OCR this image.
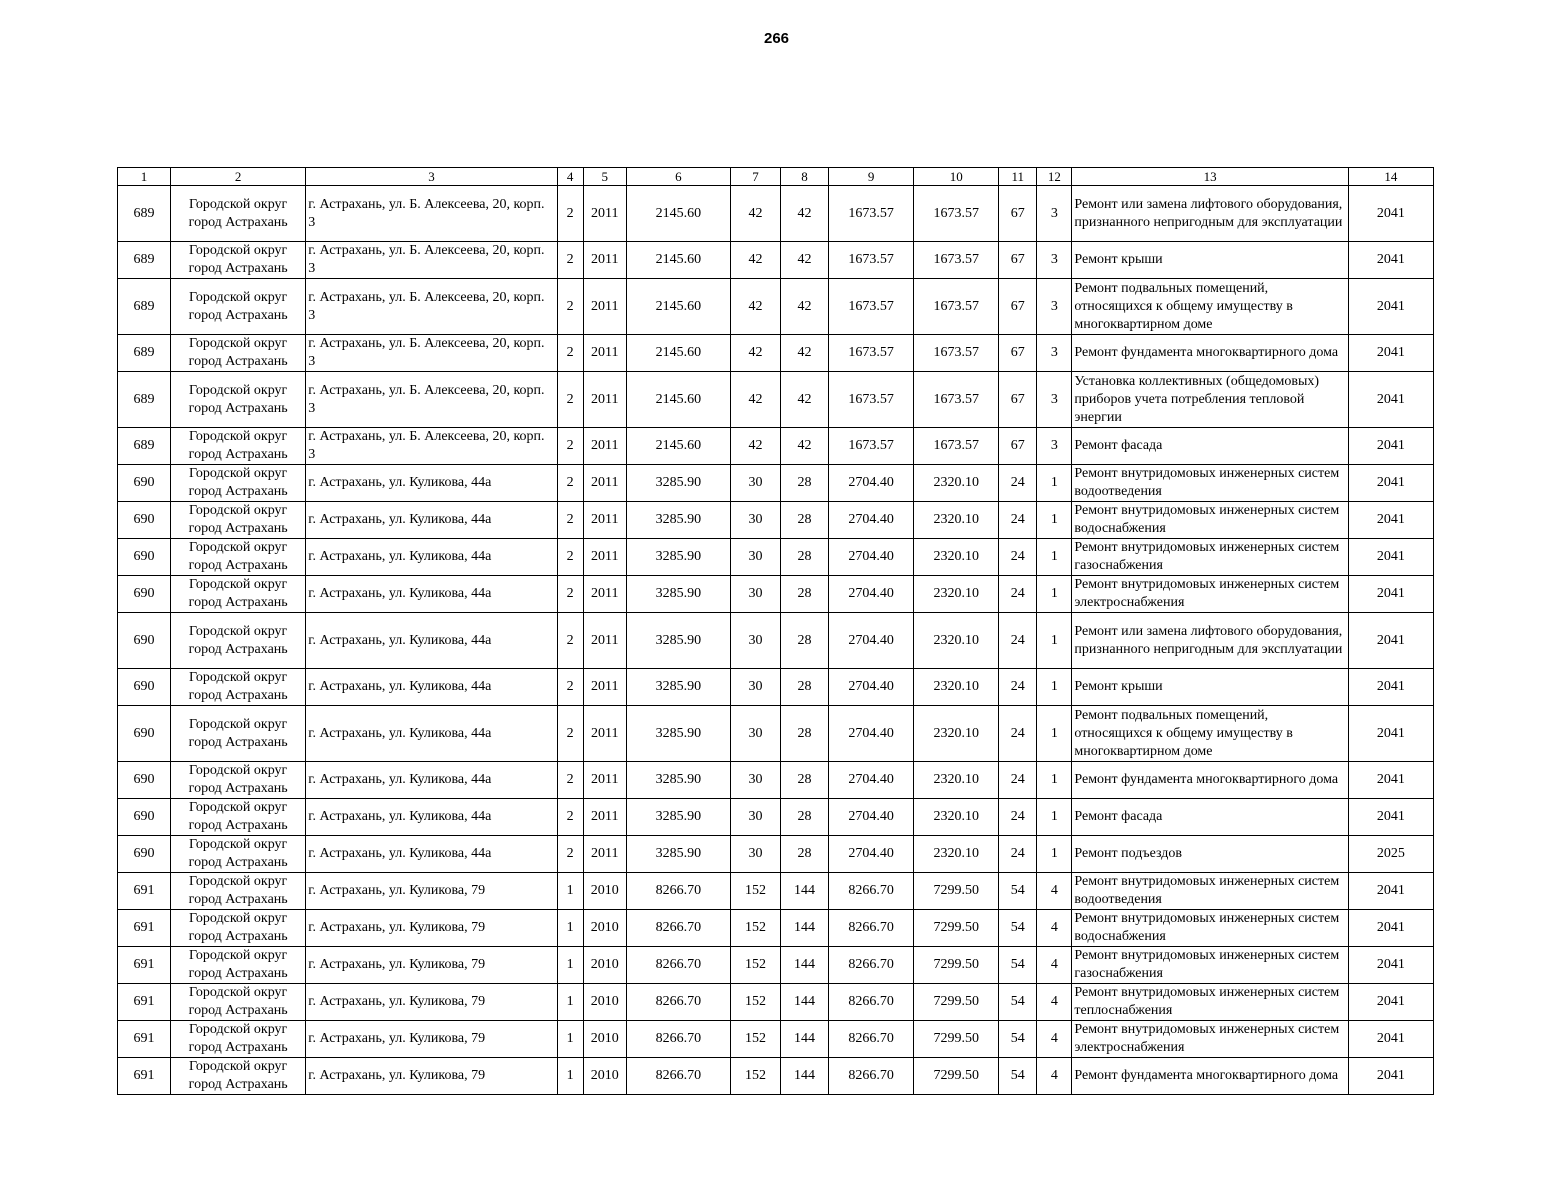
266
1	2	3	4	5	6	7	8	9	10	11	12	13	14
689	Городской округ город Астрахань	г. Астрахань, ул. Б. Алексеева, 20, корп. 3	2	2011	2145.60	42	42	1673.57	1673.57	67	3	Ремонт или замена лифтового оборудования, признанного непригодным для эксплуатации	2041
689	Городской округ город Астрахань	г. Астрахань, ул. Б. Алексеева, 20, корп. 3	2	2011	2145.60	42	42	1673.57	1673.57	67	3	Ремонт крыши	2041
689	Городской округ город Астрахань	г. Астрахань, ул. Б. Алексеева, 20, корп. 3	2	2011	2145.60	42	42	1673.57	1673.57	67	3	Ремонт подвальных помещений, относящихся к общему имуществу в многоквартирном доме	2041
689	Городской округ город Астрахань	г. Астрахань, ул. Б. Алексеева, 20, корп. 3	2	2011	2145.60	42	42	1673.57	1673.57	67	3	Ремонт фундамента многоквартирного дома	2041
689	Городской округ город Астрахань	г. Астрахань, ул. Б. Алексеева, 20, корп. 3	2	2011	2145.60	42	42	1673.57	1673.57	67	3	Установка коллективных (общедомовых) приборов учета потребления тепловой энергии	2041
689	Городской округ город Астрахань	г. Астрахань, ул. Б. Алексеева, 20, корп. 3	2	2011	2145.60	42	42	1673.57	1673.57	67	3	Ремонт фасада	2041
690	Городской округ город Астрахань	г. Астрахань, ул. Куликова, 44а	2	2011	3285.90	30	28	2704.40	2320.10	24	1	Ремонт внутридомовых инженерных систем водоотведения	2041
690	Городской округ город Астрахань	г. Астрахань, ул. Куликова, 44а	2	2011	3285.90	30	28	2704.40	2320.10	24	1	Ремонт внутридомовых инженерных систем водоснабжения	2041
690	Городской округ город Астрахань	г. Астрахань, ул. Куликова, 44а	2	2011	3285.90	30	28	2704.40	2320.10	24	1	Ремонт внутридомовых инженерных систем газоснабжения	2041
690	Городской округ город Астрахань	г. Астрахань, ул. Куликова, 44а	2	2011	3285.90	30	28	2704.40	2320.10	24	1	Ремонт внутридомовых инженерных систем электроснабжения	2041
690	Городской округ город Астрахань	г. Астрахань, ул. Куликова, 44а	2	2011	3285.90	30	28	2704.40	2320.10	24	1	Ремонт или замена лифтового оборудования, признанного непригодным для эксплуатации	2041
690	Городской округ город Астрахань	г. Астрахань, ул. Куликова, 44а	2	2011	3285.90	30	28	2704.40	2320.10	24	1	Ремонт крыши	2041
690	Городской округ город Астрахань	г. Астрахань, ул. Куликова, 44а	2	2011	3285.90	30	28	2704.40	2320.10	24	1	Ремонт подвальных помещений, относящихся к общему имуществу в многоквартирном доме	2041
690	Городской округ город Астрахань	г. Астрахань, ул. Куликова, 44а	2	2011	3285.90	30	28	2704.40	2320.10	24	1	Ремонт фундамента многоквартирного дома	2041
690	Городской округ город Астрахань	г. Астрахань, ул. Куликова, 44а	2	2011	3285.90	30	28	2704.40	2320.10	24	1	Ремонт фасада	2041
690	Городской округ город Астрахань	г. Астрахань, ул. Куликова, 44а	2	2011	3285.90	30	28	2704.40	2320.10	24	1	Ремонт подъездов	2025
691	Городской округ город Астрахань	г. Астрахань, ул. Куликова, 79	1	2010	8266.70	152	144	8266.70	7299.50	54	4	Ремонт внутридомовых инженерных систем водоотведения	2041
691	Городской округ город Астрахань	г. Астрахань, ул. Куликова, 79	1	2010	8266.70	152	144	8266.70	7299.50	54	4	Ремонт внутридомовых инженерных систем водоснабжения	2041
691	Городской округ город Астрахань	г. Астрахань, ул. Куликова, 79	1	2010	8266.70	152	144	8266.70	7299.50	54	4	Ремонт внутридомовых инженерных систем газоснабжения	2041
691	Городской округ город Астрахань	г. Астрахань, ул. Куликова, 79	1	2010	8266.70	152	144	8266.70	7299.50	54	4	Ремонт внутридомовых инженерных систем теплоснабжения	2041
691	Городской округ город Астрахань	г. Астрахань, ул. Куликова, 79	1	2010	8266.70	152	144	8266.70	7299.50	54	4	Ремонт внутридомовых инженерных систем электроснабжения	2041
691	Городской округ город Астрахань	г. Астрахань, ул. Куликова, 79	1	2010	8266.70	152	144	8266.70	7299.50	54	4	Ремонт фундамента многоквартирного дома	2041
